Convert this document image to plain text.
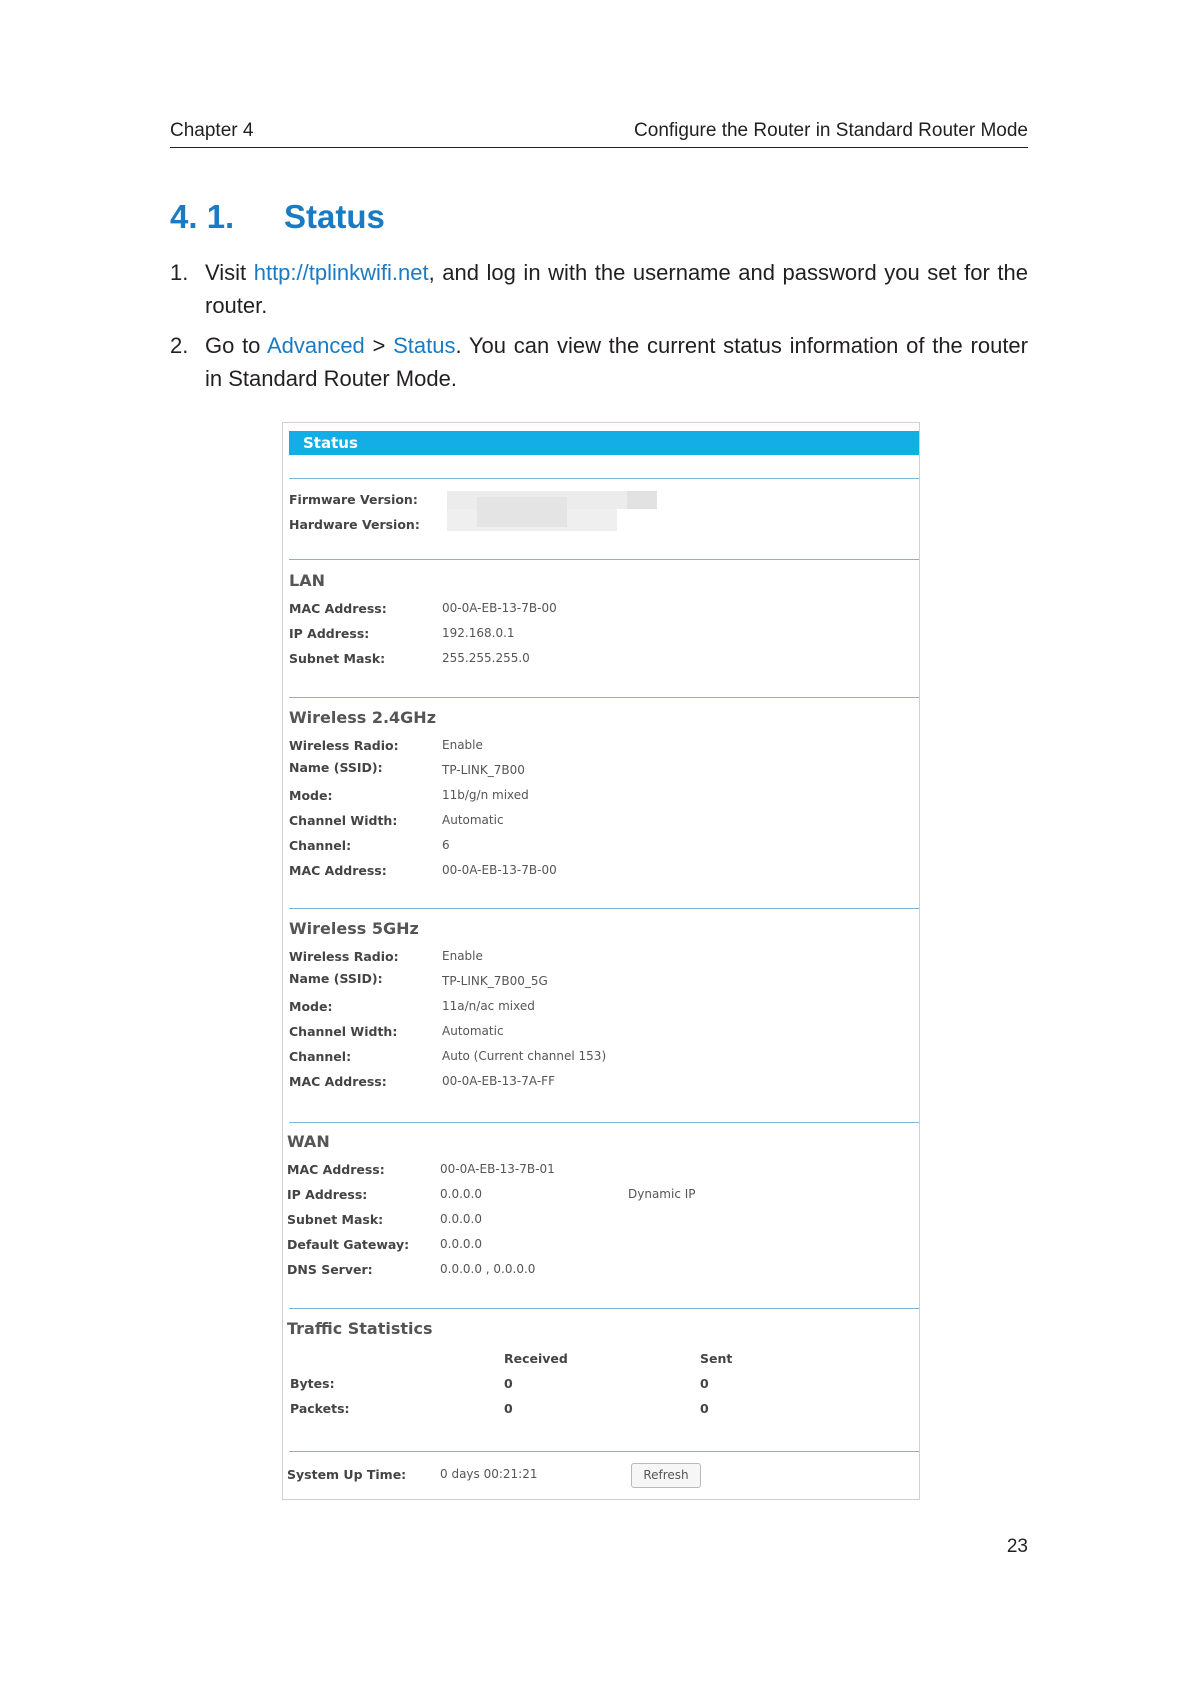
Chapter 4	Configure the Router in Standard Router Mode
4. 1. Status
1. Visit http://tplinkwifi.net, and log in with the username and password you set for the router.
2. Go to Advanced > Status. You can view the current status information of the router in Standard Router Mode.
Status
Firmware Version:
Hardware Version:
LAN
MAC Address:	00-0A-EB-13-7B-00
IP Address:	192.168.0.1
Subnet Mask:	255.255.255.0
Wireless 2.4GHz
Wireless Radio:	Enable
Name (SSID):	TP-LINK_7B00
Mode:	11b/g/n mixed
Channel Width:	Automatic
Channel:	6
MAC Address:	00-0A-EB-13-7B-00
Wireless 5GHz
Wireless Radio:	Enable
Name (SSID):	TP-LINK_7B00_5G
Mode:	11a/n/ac mixed
Channel Width:	Automatic
Channel:	Auto (Current channel 153)
MAC Address:	00-0A-EB-13-7A-FF
WAN
MAC Address:	00-0A-EB-13-7B-01
IP Address:	0.0.0.0	Dynamic IP
Subnet Mask:	0.0.0.0
Default Gateway:	0.0.0.0
DNS Server:	0.0.0.0 , 0.0.0.0
Traffic Statistics
Received	Sent
Bytes:	0	0
Packets:	0	0
System Up Time:	0 days 00:21:21	Refresh
23
